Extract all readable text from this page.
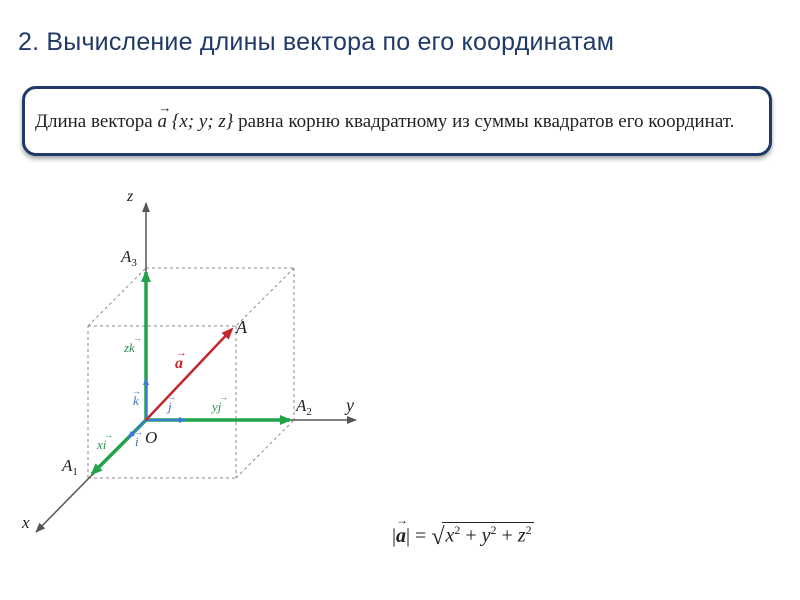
2. Вычисление длины вектора по его координатам
Длина вектора
→
a {x; y; z} равна корню квадратному из суммы квадратов его координат.
z
y
x
O
A
$A_3$
$A_2$
$A_1$
a
→
zk
→
yj
→
xi
→
k
→
j
→
i
→
|
→
$a| = √x^2 + y^2 + z^2$
